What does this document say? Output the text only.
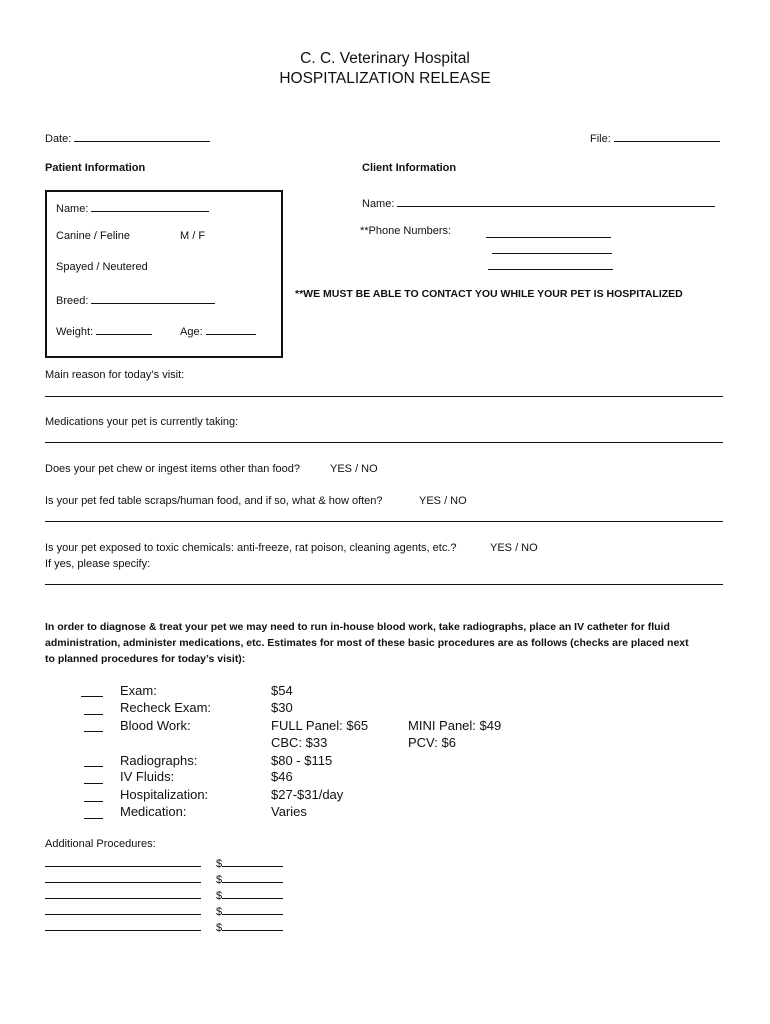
C. C. Veterinary Hospital
HOSPITALIZATION RELEASE
Date:	File:
Patient Information	Client Information
Name:
Canine / Feline	M / F
Spayed / Neutered
Breed:
Weight:	Age:
Name:
**Phone Numbers:
**WE MUST BE ABLE TO CONTACT YOU WHILE YOUR PET IS HOSPITALIZED
Main reason for today’s visit:
Medications your pet is currently taking:
Does your pet chew or ingest items other than food?	YES / NO
Is your pet fed table scraps/human food, and if so, what & how often?	YES / NO
Is your pet exposed to toxic chemicals: anti-freeze, rat poison, cleaning agents, etc.?	YES / NO
If yes, please specify:
In order to diagnose & treat your pet we may need to run in-house blood work, take radiographs, place an IV catheter for fluid
administration, administer medications, etc. Estimates for most of these basic procedures are as follows (checks are placed next
to planned procedures for today’s visit):
Exam:	$54
Recheck Exam:	$30
Blood Work:	FULL Panel: $65	MINI Panel: $49
CBC: $33	PCV: $6
Radiographs:	$80 - $115
IV Fluids:	$46
Hospitalization:	$27-$31/day
Medication:	Varies
Additional Procedures:
$
$
$
$
$
